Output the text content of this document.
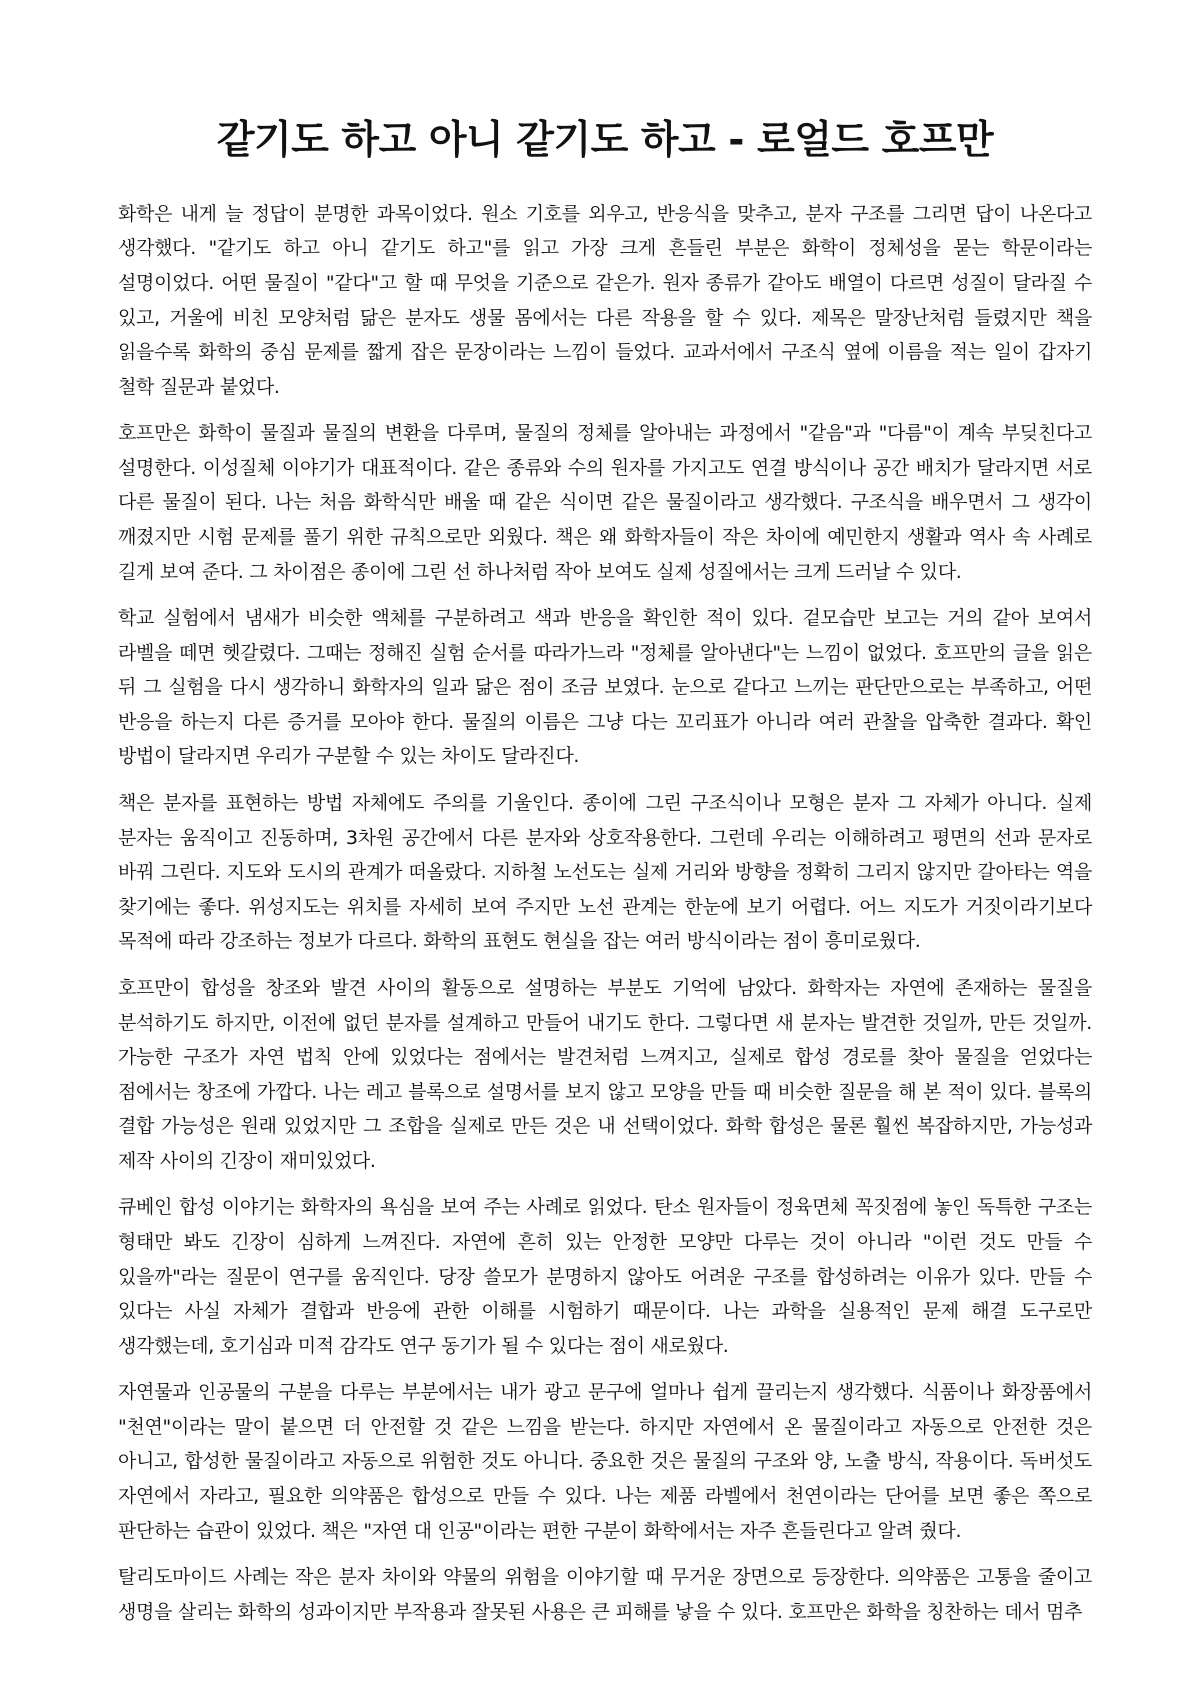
같기도 하고 아니 같기도 하고 - 로얼드 호프만

화학은 내게 늘 정답이 분명한 과목이었다. 원소 기호를 외우고, 반응식을 맞추고, 분자 구조를 그리면 답이 나온다고 생각했다. "같기도 하고 아니 같기도 하고"를 읽고 가장 크게 흔들린 부분은 화학이 정체성을 묻는 학문이라는 설명이었다. 어떤 물질이 "같다"고 할 때 무엇을 기준으로 같은가. 원자 종류가 같아도 배열이 다르면 성질이 달라질 수 있고, 거울에 비친 모양처럼 닮은 분자도 생물 몸에서는 다른 작용을 할 수 있다. 제목은 말장난처럼 들렸지만 책을 읽을수록 화학의 중심 문제를 짧게 잡은 문장이라는 느낌이 들었다. 교과서에서 구조식 옆에 이름을 적는 일이 갑자기 철학 질문과 붙었다.

호프만은 화학이 물질과 물질의 변환을 다루며, 물질의 정체를 알아내는 과정에서 "같음"과 "다름"이 계속 부딪친다고 설명한다. 이성질체 이야기가 대표적이다. 같은 종류와 수의 원자를 가지고도 연결 방식이나 공간 배치가 달라지면 서로 다른 물질이 된다. 나는 처음 화학식만 배울 때 같은 식이면 같은 물질이라고 생각했다. 구조식을 배우면서 그 생각이 깨졌지만 시험 문제를 풀기 위한 규칙으로만 외웠다. 책은 왜 화학자들이 작은 차이에 예민한지 생활과 역사 속 사례로 길게 보여 준다. 그 차이점은 종이에 그린 선 하나처럼 작아 보여도 실제 성질에서는 크게 드러날 수 있다.

학교 실험에서 냄새가 비슷한 액체를 구분하려고 색과 반응을 확인한 적이 있다. 겉모습만 보고는 거의 같아 보여서 라벨을 떼면 헷갈렸다. 그때는 정해진 실험 순서를 따라가느라 "정체를 알아낸다"는 느낌이 없었다. 호프만의 글을 읽은 뒤 그 실험을 다시 생각하니 화학자의 일과 닮은 점이 조금 보였다. 눈으로 같다고 느끼는 판단만으로는 부족하고, 어떤 반응을 하는지 다른 증거를 모아야 한다. 물질의 이름은 그냥 다는 꼬리표가 아니라 여러 관찰을 압축한 결과다. 확인 방법이 달라지면 우리가 구분할 수 있는 차이도 달라진다.

책은 분자를 표현하는 방법 자체에도 주의를 기울인다. 종이에 그린 구조식이나 모형은 분자 그 자체가 아니다. 실제 분자는 움직이고 진동하며, 3차원 공간에서 다른 분자와 상호작용한다. 그런데 우리는 이해하려고 평면의 선과 문자로 바꿔 그린다. 지도와 도시의 관계가 떠올랐다. 지하철 노선도는 실제 거리와 방향을 정확히 그리지 않지만 갈아타는 역을 찾기에는 좋다. 위성지도는 위치를 자세히 보여 주지만 노선 관계는 한눈에 보기 어렵다. 어느 지도가 거짓이라기보다 목적에 따라 강조하는 정보가 다르다. 화학의 표현도 현실을 잡는 여러 방식이라는 점이 흥미로웠다.

호프만이 합성을 창조와 발견 사이의 활동으로 설명하는 부분도 기억에 남았다. 화학자는 자연에 존재하는 물질을 분석하기도 하지만, 이전에 없던 분자를 설계하고 만들어 내기도 한다. 그렇다면 새 분자는 발견한 것일까, 만든 것일까. 가능한 구조가 자연 법칙 안에 있었다는 점에서는 발견처럼 느껴지고, 실제로 합성 경로를 찾아 물질을 얻었다는 점에서는 창조에 가깝다. 나는 레고 블록으로 설명서를 보지 않고 모양을 만들 때 비슷한 질문을 해 본 적이 있다. 블록의 결합 가능성은 원래 있었지만 그 조합을 실제로 만든 것은 내 선택이었다. 화학 합성은 물론 훨씬 복잡하지만, 가능성과 제작 사이의 긴장이 재미있었다.

큐베인 합성 이야기는 화학자의 욕심을 보여 주는 사례로 읽었다. 탄소 원자들이 정육면체 꼭짓점에 놓인 독특한 구조는 형태만 봐도 긴장이 심하게 느껴진다. 자연에 흔히 있는 안정한 모양만 다루는 것이 아니라 "이런 것도 만들 수 있을까"라는 질문이 연구를 움직인다. 당장 쓸모가 분명하지 않아도 어려운 구조를 합성하려는 이유가 있다. 만들 수 있다는 사실 자체가 결합과 반응에 관한 이해를 시험하기 때문이다. 나는 과학을 실용적인 문제 해결 도구로만 생각했는데, 호기심과 미적 감각도 연구 동기가 될 수 있다는 점이 새로웠다.

자연물과 인공물의 구분을 다루는 부분에서는 내가 광고 문구에 얼마나 쉽게 끌리는지 생각했다. 식품이나 화장품에서 "천연"이라는 말이 붙으면 더 안전할 것 같은 느낌을 받는다. 하지만 자연에서 온 물질이라고 자동으로 안전한 것은 아니고, 합성한 물질이라고 자동으로 위험한 것도 아니다. 중요한 것은 물질의 구조와 양, 노출 방식, 작용이다. 독버섯도 자연에서 자라고, 필요한 의약품은 합성으로 만들 수 있다. 나는 제품 라벨에서 천연이라는 단어를 보면 좋은 쪽으로 판단하는 습관이 있었다. 책은 "자연 대 인공"이라는 편한 구분이 화학에서는 자주 흔들린다고 알려 줬다.

탈리도마이드 사례는 작은 분자 차이와 약물의 위험을 이야기할 때 무거운 장면으로 등장한다. 의약품은 고통을 줄이고 생명을 살리는 화학의 성과이지만 부작용과 잘못된 사용은 큰 피해를 낳을 수 있다. 호프만은 화학을 칭찬하는 데서 멈추
